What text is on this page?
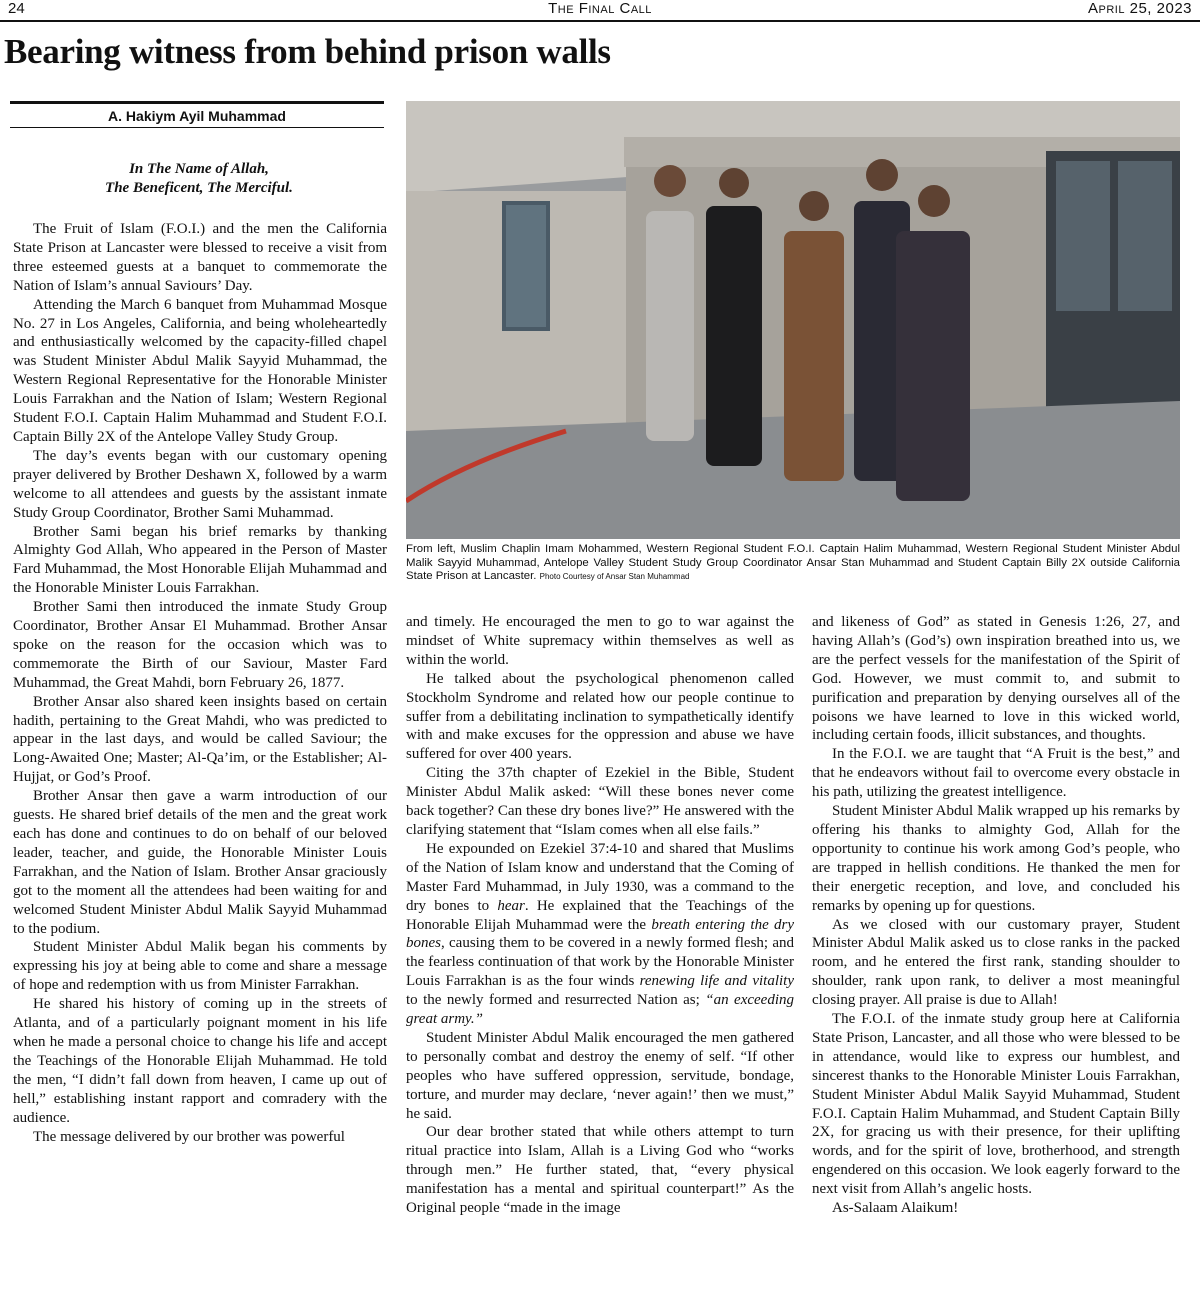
24	The Final Call	April 25, 2023
Bearing witness from behind prison walls
A. Hakiym Ayil Muhammad
In The Name of Allah,
The Beneficent, The Merciful.

The Fruit of Islam (F.O.I.) and the men the California State Prison at Lancaster were blessed to receive a visit from three esteemed guests at a banquet to commemorate the Nation of Islam’s annual Saviours’ Day.

Attending the March 6 banquet from Muhammad Mosque No. 27 in Los Angeles, California, and being wholeheartedly and enthusiastically welcomed by the capacity-filled chapel was Student Minister Abdul Malik Sayyid Muhammad, the Western Regional Representative for the Honorable Minister Louis Farrakhan and the Nation of Islam; Western Regional Student F.O.I. Captain Halim Muhammad and Student F.O.I. Captain Billy 2X of the Antelope Valley Study Group.

The day’s events began with our customary opening prayer delivered by Brother Deshawn X, followed by a warm welcome to all attendees and guests by the assistant inmate Study Group Coordinator, Brother Sami Muhammad.

Brother Sami began his brief remarks by thanking Almighty God Allah, Who appeared in the Person of Master Fard Muhammad, the Most Honorable Elijah Muhammad and the Honorable Minister Louis Farrakhan.

Brother Sami then introduced the inmate Study Group Coordinator, Brother Ansar El Muhammad. Brother Ansar spoke on the reason for the occasion which was to commemorate the Birth of our Saviour, Master Fard Muhammad, the Great Mahdi, born February 26, 1877.

Brother Ansar also shared keen insights based on certain hadith, pertaining to the Great Mahdi, who was predicted to appear in the last days, and would be called Saviour; the Long-Awaited One; Master; Al-Qa’im, or the Establisher; Al-Hujjat, or God’s Proof.

Brother Ansar then gave a warm introduction of our guests. He shared brief details of the men and the great work each has done and continues to do on behalf of our beloved leader, teacher, and guide, the Honorable Minister Louis Farrakhan, and the Nation of Islam. Brother Ansar graciously got to the moment all the attendees had been waiting for and welcomed Student Minister Abdul Malik Sayyid Muhammad to the podium.

Student Minister Abdul Malik began his comments by expressing his joy at being able to come and share a message of hope and redemption with us from Minister Farrakhan.

He shared his history of coming up in the streets of Atlanta, and of a particularly poignant moment in his life when he made a personal choice to change his life and accept the Teachings of the Honorable Elijah Muhammad. He told the men, “I didn’t fall down from heaven, I came up out of hell,” establishing instant rapport and comradery with the audience.

The message delivered by our brother was powerful

From left, Muslim Chaplin Imam Mohammed, Western Regional Student F.O.I. Captain Halim Muhammad, Western Regional Student Minister Abdul Malik Sayyid Muhammad, Antelope Valley Student Study Group Coordinator Ansar Stan Muhammad and Student Captain Billy 2X outside California State Prison at Lancaster. Photo Courtesy of Ansar Stan Muhammad

and timely. He encouraged the men to go to war against the mindset of White supremacy within themselves as well as within the world.

He talked about the psychological phenomenon called Stockholm Syndrome and related how our people continue to suffer from a debilitating inclination to sympathetically identify with and make excuses for the oppression and abuse we have suffered for over 400 years.

Citing the 37th chapter of Ezekiel in the Bible, Student Minister Abdul Malik asked: “Will these bones never come back together? Can these dry bones live?” He answered with the clarifying statement that “Islam comes when all else fails.”

He expounded on Ezekiel 37:4-10 and shared that Muslims of the Nation of Islam know and understand that the Coming of Master Fard Muhammad, in July 1930, was a command to the dry bones to hear. He explained that the Teachings of the Honorable Elijah Muhammad were the breath entering the dry bones, causing them to be covered in a newly formed flesh; and the fearless continuation of that work by the Honorable Minister Louis Farrakhan is as the four winds renewing life and vitality to the newly formed and resurrected Nation as; “an exceeding great army.”

Student Minister Abdul Malik encouraged the men gathered to personally combat and destroy the enemy of self. “If other peoples who have suffered oppression, servitude, bondage, torture, and murder may declare, ‘never again!’ then we must,” he said.

Our dear brother stated that while others attempt to turn ritual practice into Islam, Allah is a Living God who “works through men.” He further stated, that, “every physical manifestation has a mental and spiritual counterpart!” As the Original people “made in the image

and likeness of God” as stated in Genesis 1:26, 27, and having Allah’s (God’s) own inspiration breathed into us, we are the perfect vessels for the manifestation of the Spirit of God. However, we must commit to, and submit to purification and preparation by denying ourselves all of the poisons we have learned to love in this wicked world, including certain foods, illicit substances, and thoughts.

In the F.O.I. we are taught that “A Fruit is the best,” and that he endeavors without fail to overcome every obstacle in his path, utilizing the greatest intelligence.

Student Minister Abdul Malik wrapped up his remarks by offering his thanks to almighty God, Allah for the opportunity to continue his work among God’s people, who are trapped in hellish conditions. He thanked the men for their energetic reception, and love, and concluded his remarks by opening up for questions.

As we closed with our customary prayer, Student Minister Abdul Malik asked us to close ranks in the packed room, and he entered the first rank, standing shoulder to shoulder, rank upon rank, to deliver a most meaningful closing prayer. All praise is due to Allah!

The F.O.I. of the inmate study group here at California State Prison, Lancaster, and all those who were blessed to be in attendance, would like to express our humblest, and sincerest thanks to the Honorable Minister Louis Farrakhan, Student Minister Abdul Malik Sayyid Muhammad, Student F.O.I. Captain Halim Muhammad, and Student Captain Billy 2X, for gracing us with their presence, for their uplifting words, and for the spirit of love, brotherhood, and strength engendered on this occasion. We look eagerly forward to the next visit from Allah’s angelic hosts.

As-Salaam Alaikum!
